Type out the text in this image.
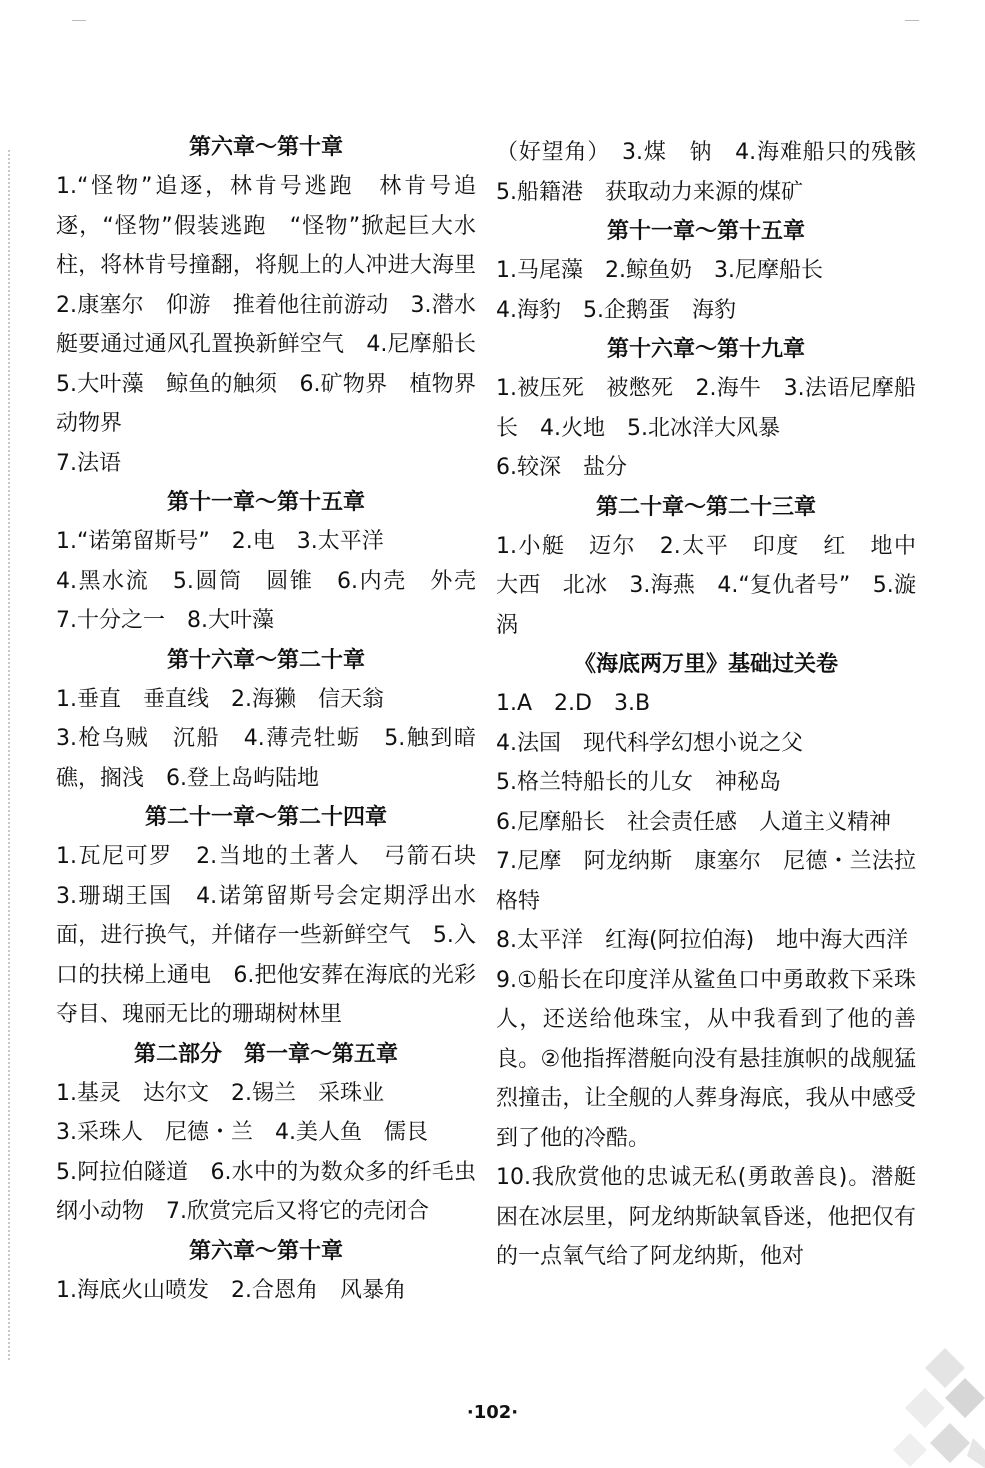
第六章～第十章
1.“怪物”追逐，林肯号逃跑　林肯号追逐，“怪物”假装逃跑　“怪物”掀起巨大水柱，将林肯号撞翻，将舰上的人冲进大海里　2.康塞尔　仰游　推着他往前游动　3.潜水艇要通过通风孔置换新鲜空气　4.尼摩船长　5.大叶藻　鲸鱼的触须　6.矿物界　植物界　动物界
7.法语
第十一章～第十五章
1.“诺第留斯号”　2.电　3.太平洋
4.黑水流　5.圆筒　圆锥　6.内壳　外壳　7.十分之一　8.大叶藻
第十六章～第二十章
1.垂直　垂直线　2.海獭　信天翁
3.枪乌贼　沉船　4.薄壳牡蛎　5.触到暗礁，搁浅　6.登上岛屿陆地
第二十一章～第二十四章
1.瓦尼可罗　2.当地的土著人　弓箭石块　3.珊瑚王国　4.诺第留斯号会定期浮出水面，进行换气，并储存一些新鲜空气　5.入口的扶梯上通电　6.把他安葬在海底的光彩夺目、瑰丽无比的珊瑚树林里
第二部分　第一章～第五章
1.基灵　达尔文　2.锡兰　采珠业
3.采珠人　尼德・兰　4.美人鱼　儒艮
5.阿拉伯隧道　6.水中的为数众多的纤毛虫纲小动物　7.欣赏完后又将它的壳闭合
第六章～第十章
1.海底火山喷发　2.合恩角　风暴角
（好望角）　3.煤　钠　4.海难船只的残骸　5.船籍港　获取动力来源的煤矿
第十一章～第十五章
1.马尾藻　2.鲸鱼奶　3.尼摩船长
4.海豹　5.企鹅蛋　海豹
第十六章～第十九章
1.被压死　被憋死　2.海牛　3.法语尼摩船长　4.火地　5.北冰洋大风暴
6.较深　盐分
第二十章～第二十三章
1.小艇　迈尔　2.太平　印度　红　地中　大西　北冰　3.海燕　4.“复仇者号”　5.漩涡
《海底两万里》基础过关卷
1.A　2.D　3.B
4.法国　现代科学幻想小说之父
5.格兰特船长的儿女　神秘岛
6.尼摩船长　社会责任感　人道主义精神
7.尼摩　阿龙纳斯　康塞尔　尼德・兰法拉格特
8.太平洋　红海(阿拉伯海)　地中海大西洋
9.①船长在印度洋从鲨鱼口中勇敢救下采珠人，还送给他珠宝，从中我看到了他的善良。②他指挥潜艇向没有悬挂旗帜的战舰猛烈撞击，让全舰的人葬身海底，我从中感受到了他的冷酷。
10.我欣赏他的忠诚无私(勇敢善良)。潜艇困在冰层里，阿龙纳斯缺氧昏迷，他把仅有的一点氧气给了阿龙纳斯，他对
·102·
